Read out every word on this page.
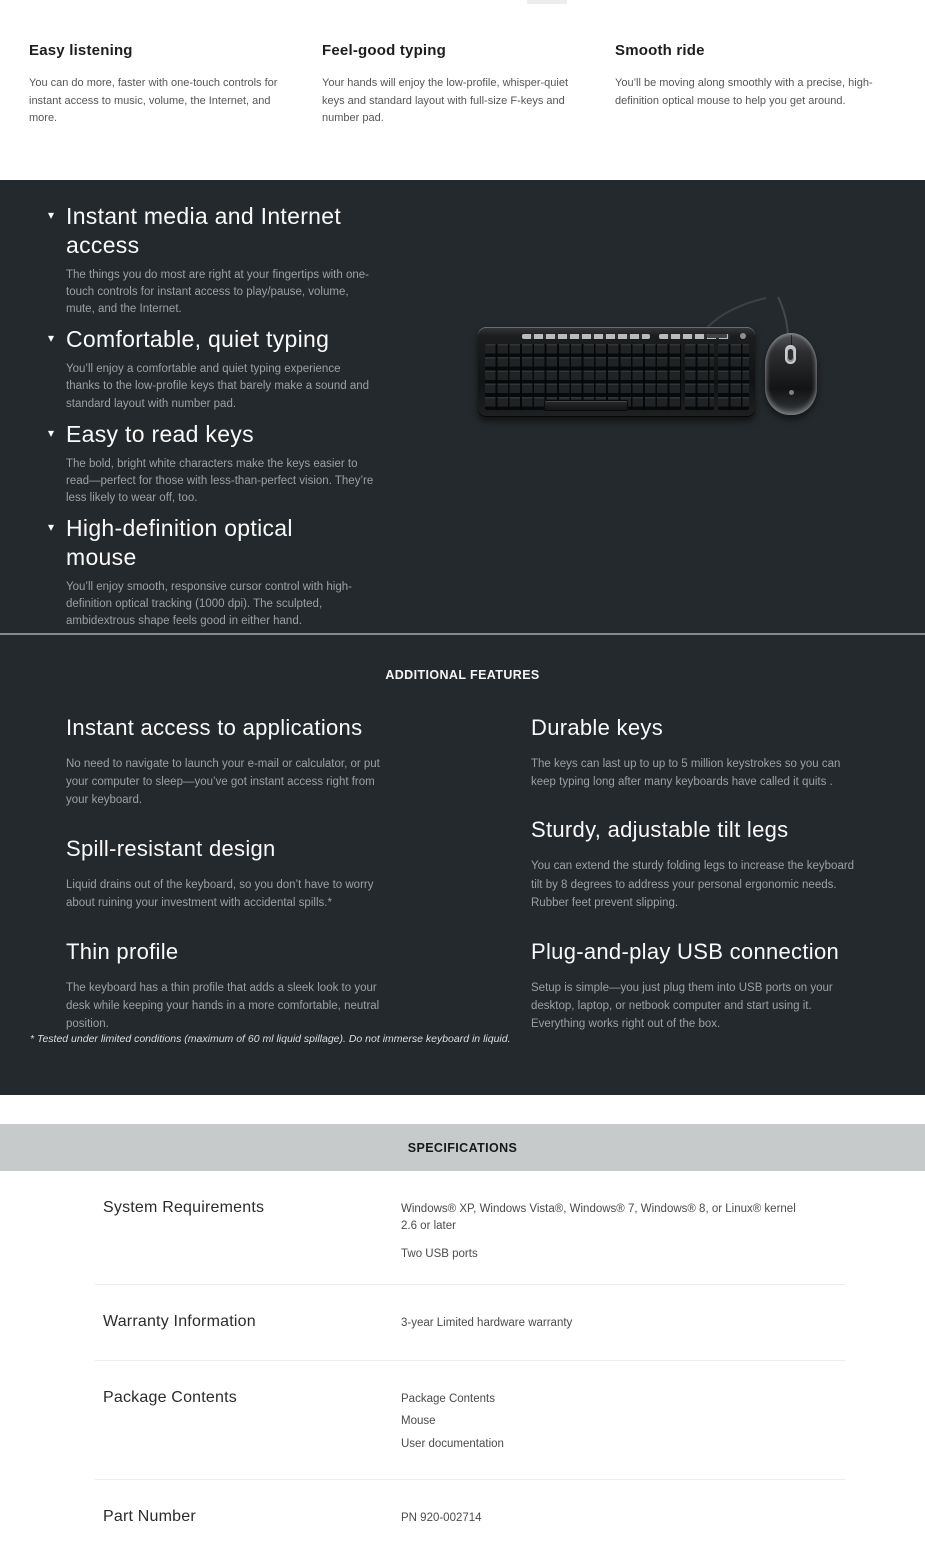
Easy listening

You can do more, faster with one-touch controls for instant access to music, volume, the Internet, and more.

Feel-good typing

Your hands will enjoy the low-profile, whisper-quiet keys and standard layout with full-size F-keys and number pad.

Smooth ride

You’ll be moving along smoothly with a precise, high-definition optical mouse to help you get around.

▾ Instant media and Internet access

The things you do most are right at your fingertips with one-touch controls for instant access to play/pause, volume, mute, and the Internet.

▾ Comfortable, quiet typing

You’ll enjoy a comfortable and quiet typing experience thanks to the low-profile keys that barely make a sound and standard layout with number pad.

▾ Easy to read keys

The bold, bright white characters make the keys easier to read—perfect for those with less-than-perfect vision. They’re less likely to wear off, too.

▾ High-definition optical mouse

You’ll enjoy smooth, responsive cursor control with high-definition optical tracking (1000 dpi). The sculpted, ambidextrous shape feels good in either hand.

ADDITIONAL FEATURES
Instant access to applications

No need to navigate to launch your e-mail or calculator, or put your computer to sleep—you’ve got instant access right from your keyboard.

Spill-resistant design

Liquid drains out of the keyboard, so you don’t have to worry about ruining your investment with accidental spills.*

Thin profile

The keyboard has a thin profile that adds a sleek look to your desk while keeping your hands in a more comfortable, neutral position.

Durable keys

The keys can last up to up to 5 million keystrokes so you can keep typing long after many keyboards have called it quits .

Sturdy, adjustable tilt legs

You can extend the sturdy folding legs to increase the keyboard tilt by 8 degrees to address your personal ergonomic needs. Rubber feet prevent slipping.

Plug-and-play USB connection

Setup is simple—you just plug them into USB ports on your desktop, laptop, or netbook computer and start using it. Everything works right out of the box.

* Tested under limited conditions (maximum of 60 ml liquid spillage). Do not immerse keyboard in liquid.

SPECIFICATIONS
System Requirements	Windows® XP, Windows Vista®, Windows® 7, Windows® 8, or Linux® kernel 2.6 or later

Two USB ports

Warranty Information	3-year Limited hardware warranty

Package Contents	Package Contents

Mouse

User documentation

Part Number	PN 920-002714
